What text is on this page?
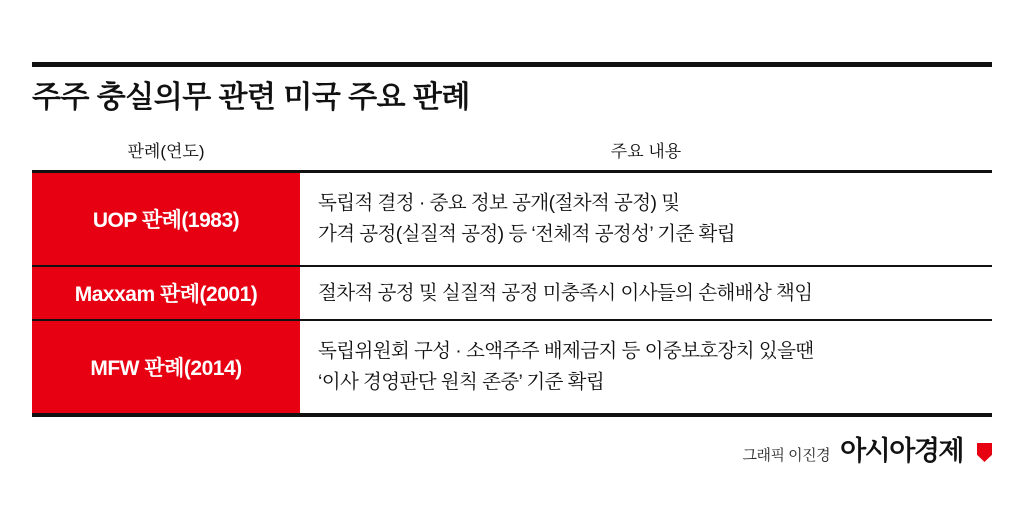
주주 충실의무 관련 미국 주요 판례
판례(연도)	주요 내용
UOP 판례(1983)
독립적 결정 · 중요 정보 공개(절차적 공정) 및
가격 공정(실질적 공정) 등 ‘전체적 공정성’ 기준 확립
Maxxam 판례(2001)	절차적 공정 및 실질적 공정 미충족시 이사들의 손해배상 책임
MFW 판례(2014)
독립위원회 구성 · 소액주주 배제금지 등 이중보호장치 있을땐
‘이사 경영판단 원칙 존중’ 기준 확립
그래픽 이진경 아시아경제
